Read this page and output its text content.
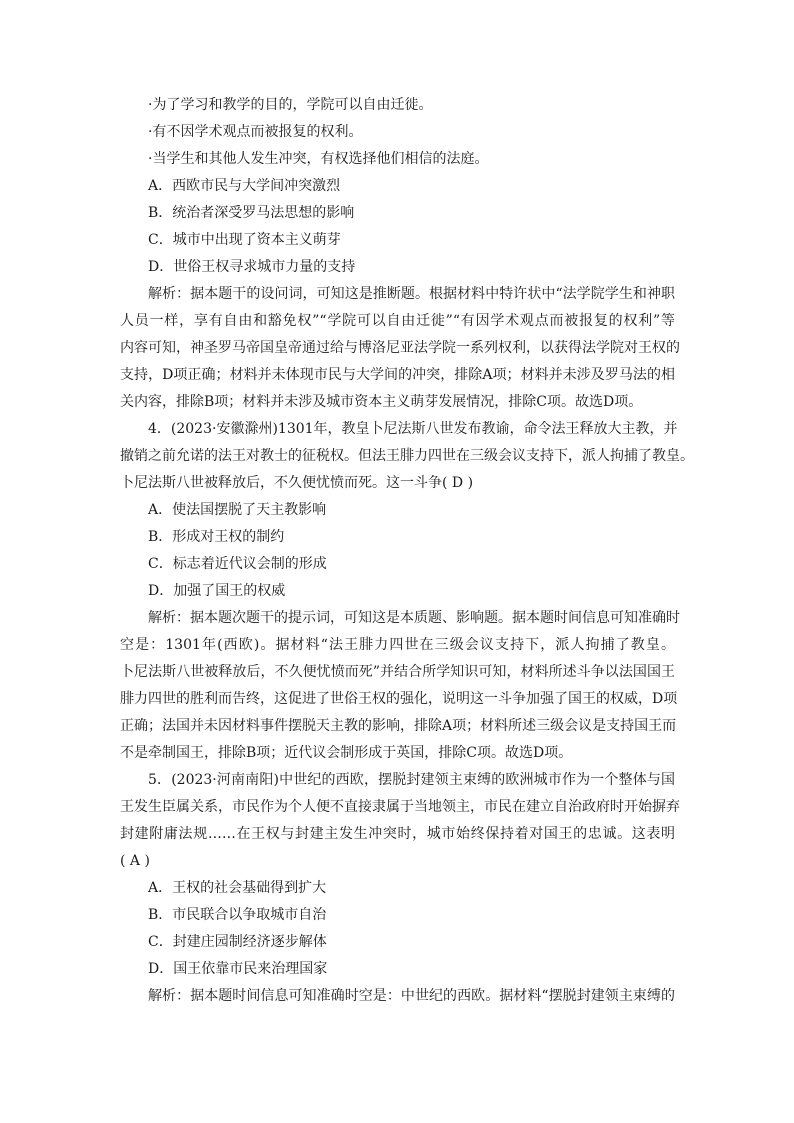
·为了学习和教学的目的，学院可以自由迁徙。
·有不因学术观点而被报复的权利。
·当学生和其他人发生冲突，有权选择他们相信的法庭。
A．西欧市民与大学间冲突激烈
B．统治者深受罗马法思想的影响
C．城市中出现了资本主义萌芽
D．世俗王权寻求城市力量的支持
解析：据本题干的设问词，可知这是推断题。根据材料中特许状中“法学院学生和神职
人员一样，享有自由和豁免权”“学院可以自由迁徙”“有因学术观点而被报复的权利”等
内容可知，神圣罗马帝国皇帝通过给与博洛尼亚法学院一系列权利，以获得法学院对王权的
支持，D项正确；材料并未体现市民与大学间的冲突，排除A项；材料并未涉及罗马法的相
关内容，排除B项；材料并未涉及城市资本主义萌芽发展情况，排除C项。故选D项。
4．(2023·安徽滁州)1301年，教皇卜尼法斯八世发布教谕，命令法王释放大主教，并
撤销之前允诺的法王对教士的征税权。但法王腓力四世在三级会议支持下，派人拘捕了教皇。
卜尼法斯八世被释放后，不久便忧愤而死。这一斗争( D )
A．使法国摆脱了天主教影响
B．形成对王权的制约
C．标志着近代议会制的形成
D．加强了国王的权威
解析：据本题次题干的提示词，可知这是本质题、影响题。据本题时间信息可知准确时
空是：1301年(西欧)。据材料“法王腓力四世在三级会议支持下，派人拘捕了教皇。
卜尼法斯八世被释放后，不久便忧愤而死”并结合所学知识可知，材料所述斗争以法国国王
腓力四世的胜利而告终，这促进了世俗王权的强化，说明这一斗争加强了国王的权威，D项
正确；法国并未因材料事件摆脱天主教的影响，排除A项；材料所述三级会议是支持国王而
不是牵制国王，排除B项；近代议会制形成于英国，排除C项。故选D项。
5．(2023·河南南阳)中世纪的西欧，摆脱封建领主束缚的欧洲城市作为一个整体与国
王发生臣属关系，市民作为个人便不直接隶属于当地领主，市民在建立自治政府时开始摒弃
封建附庸法规……在王权与封建主发生冲突时，城市始终保持着对国王的忠诚。这表明
( A )
A．王权的社会基础得到扩大
B．市民联合以争取城市自治
C．封建庄园制经济逐步解体
D．国王依靠市民来治理国家
解析：据本题时间信息可知准确时空是：中世纪的西欧。据材料“摆脱封建领主束缚的
